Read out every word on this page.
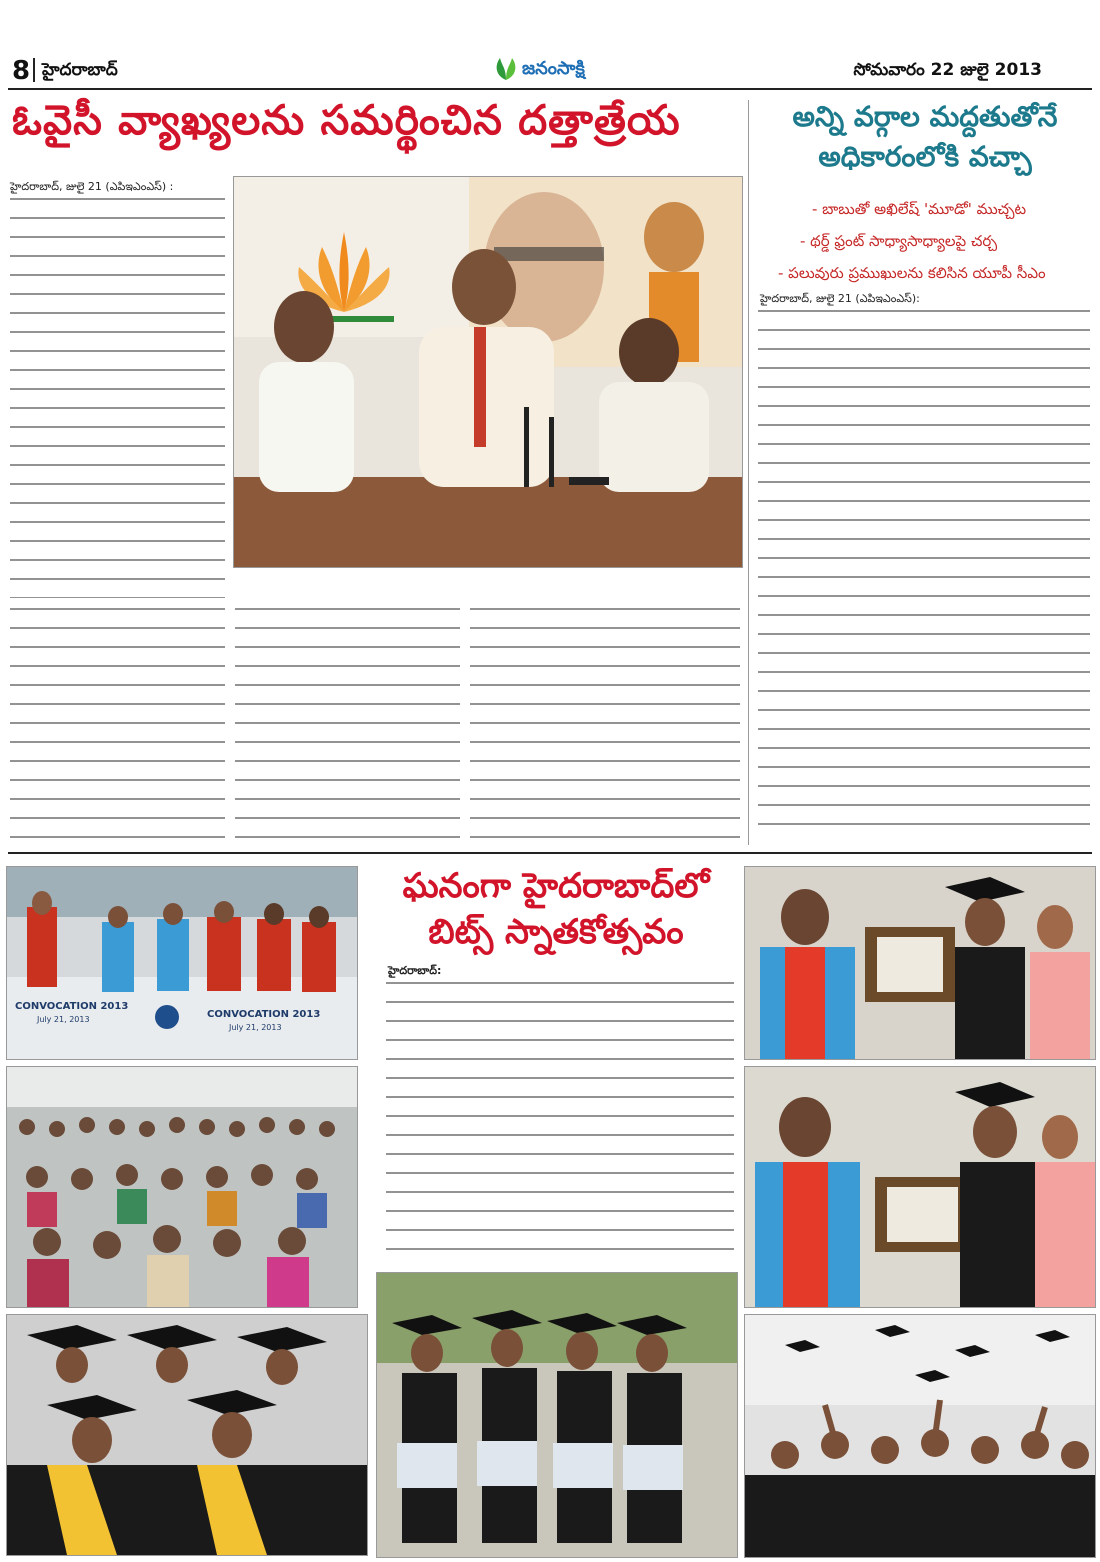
8 హైదరాబాద్	జనంసాక్షి	సోమవారం 22 జులై 2013
ఓవైసీ వ్యాఖ్యలను సమర్థించిన దత్తాత్రేయ
హైదరాబాద్‌, జులై 21 (ఎపిఇఎంఎస్‌) :
అన్ని వర్గాల మద్దతుతోనే
అధికారంలోకి వచ్చా
- బాబుతో అఖిలేష్‌ 'మూడో' ముచ్చట
- థర్డ్‌ ఫ్రంట్‌ సాధ్యాసాధ్యాలపై చర్చ
- పలువురు ప్రముఖులను కలిసిన యూపీ సీఎం
హైదరాబాద్‌, జులై 21 (ఎపిఇఎంఎస్‌):
CONVOCATION 2013
July 21, 2013	CONVOCATION 2013
July 21, 2013
ఘనంగా హైదరాబాద్‌లో
బిట్స్‌ స్నాతకోత్సవం
హైదరాబాద్‌:
